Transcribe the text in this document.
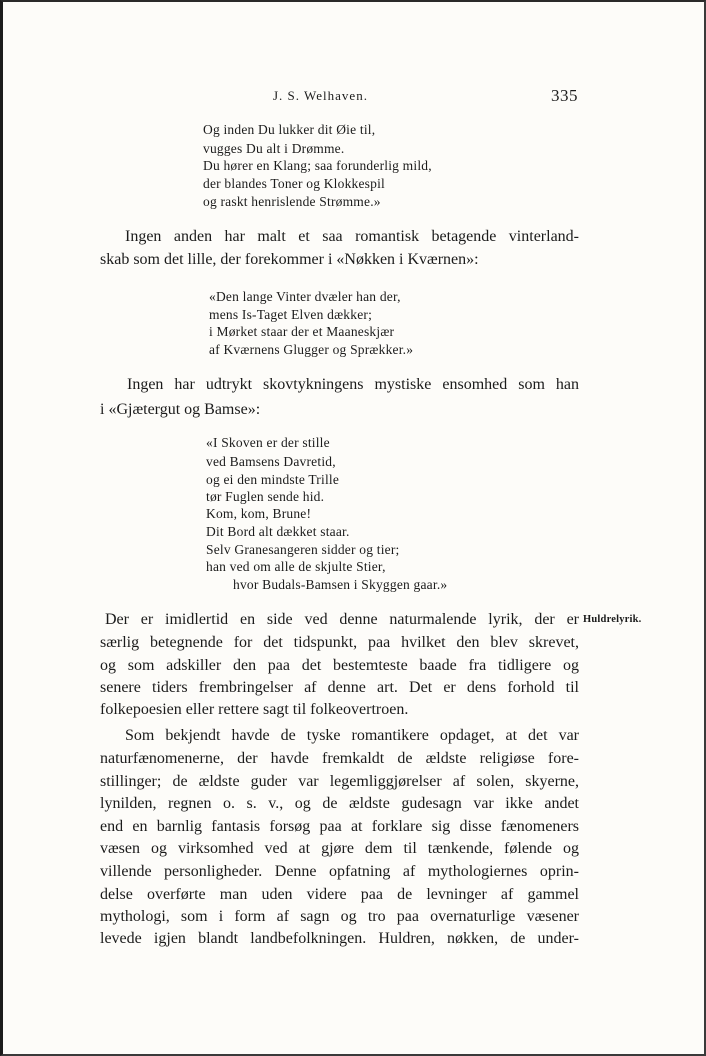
J. S. Welhaven.	335
Og inden Du lukker dit Øie til,
vugges Du alt i Drømme.
Du hører en Klang; saa forunderlig mild,
der blandes Toner og Klokkespil
og raskt henrislende Strømme.»
Ingen anden har malt et saa romantisk betagende vinterland-
skab som det lille, der forekommer i «Nøkken i Kværnen»:
«Den lange Vinter dvæler han der,
mens Is-Taget Elven dækker;
i Mørket staar der et Maaneskjær
af Kværnens Glugger og Sprækker.»
Ingen har udtrykt skovtykningens mystiske ensomhed som han
i «Gjætergut og Bamse»:
«I Skoven er der stille
ved Bamsens Davretid,
og ei den mindste Trille
tør Fuglen sende hid.
Kom, kom, Brune!
Dit Bord alt dækket staar.
Selv Granesangeren sidder og tier;
han ved om alle de skjulte Stier,
hvor Budals-Bamsen i Skyggen gaar.»
Huldrelyrik.
Der er imidlertid en side ved denne naturmalende lyrik, der er
særlig betegnende for det tidspunkt, paa hvilket den blev skrevet,
og som adskiller den paa det bestemteste baade fra tidligere og
senere tiders frembringelser af denne art. Det er dens forhold til
folkepoesien eller rettere sagt til folkeovertroen.
Som bekjendt havde de tyske romantikere opdaget, at det var
naturfænomenerne, der havde fremkaldt de ældste religiøse fore-
stillinger; de ældste guder var legemliggjørelser af solen, skyerne,
lynilden, regnen o. s. v., og de ældste gudesagn var ikke andet
end en barnlig fantasis forsøg paa at forklare sig disse fænomeners
væsen og virksomhed ved at gjøre dem til tænkende, følende og
villende personligheder. Denne opfatning af mythologiernes oprin-
delse overførte man uden videre paa de levninger af gammel
mythologi, som i form af sagn og tro paa overnaturlige væsener
levede igjen blandt landbefolkningen. Huldren, nøkken, de under-
